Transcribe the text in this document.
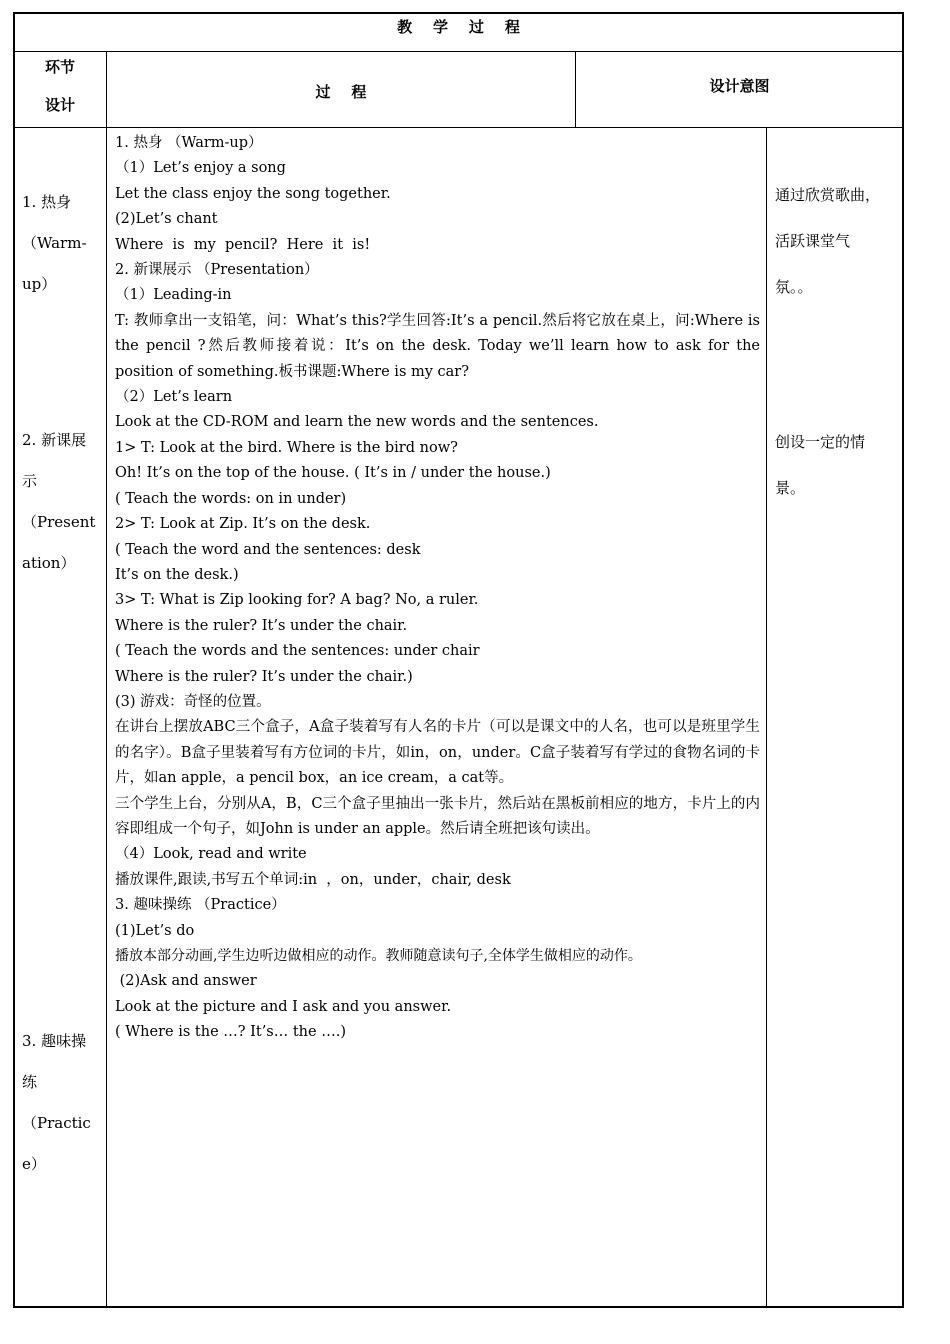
教    学    过    程
环节
设计
过    程	设计意图
1. 热身
（Warm-
up）
2. 新课展
示
（Present
ation）
3. 趣味操
练
（Practic
e）
1. 热身 （Warm-up）
（1）Let’s enjoy a song
Let the class enjoy the song together.
(2)Let’s chant
Where  is  my  pencil?  Here  it  is!
2. 新课展示 （Presentation）
（1）Leading-in
T: 教师拿出一支铅笔，问：What’s this?学生回答:It’s a pencil.然后将它放在桌上，问:Where is the pencil ?然后教师接着说：It’s on the desk. Today we’ll learn how to ask for the position of something.板书课题:Where is my car?
（2）Let’s learn
Look at the CD-ROM and learn the new words and the sentences.
1> T: Look at the bird. Where is the bird now?
Oh! It’s on the top of the house. ( It’s in / under the house.)
( Teach the words: on in under)
2> T: Look at Zip. It’s on the desk.
( Teach the word and the sentences: desk
It’s on the desk.)
3> T: What is Zip looking for? A bag? No, a ruler.
Where is the ruler? It’s under the chair.
( Teach the words and the sentences: under chair
Where is the ruler? It’s under the chair.)
(3) 游戏：奇怪的位置。
在讲台上摆放ABC三个盒子，A盒子装着写有人名的卡片（可以是课文中的人名，也可以是班里学生的名字）。B盒子里装着写有方位词的卡片，如in，on，under。C盒子装着写有学过的食物名词的卡片，如an apple，a pencil box，an ice cream，a cat等。
三个学生上台，分别从A，B，C三个盒子里抽出一张卡片，然后站在黑板前相应的地方，卡片上的内容即组成一个句子，如John is under an apple。然后请全班把该句读出。
（4）Look, read and write
播放课件,跟读,书写五个单词:in  ，on，under，chair, desk
3. 趣味操练 （Practice）
(1)Let’s do
播放本部分动画,学生边听边做相应的动作。教师随意读句子,全体学生做相应的动作。
(2)Ask and answer
Look at the picture and I ask and you answer.
( Where is the …? It’s… the ….)
通过欣赏歌曲，
活跃课堂气
氛。。
创设一定的情
景。
